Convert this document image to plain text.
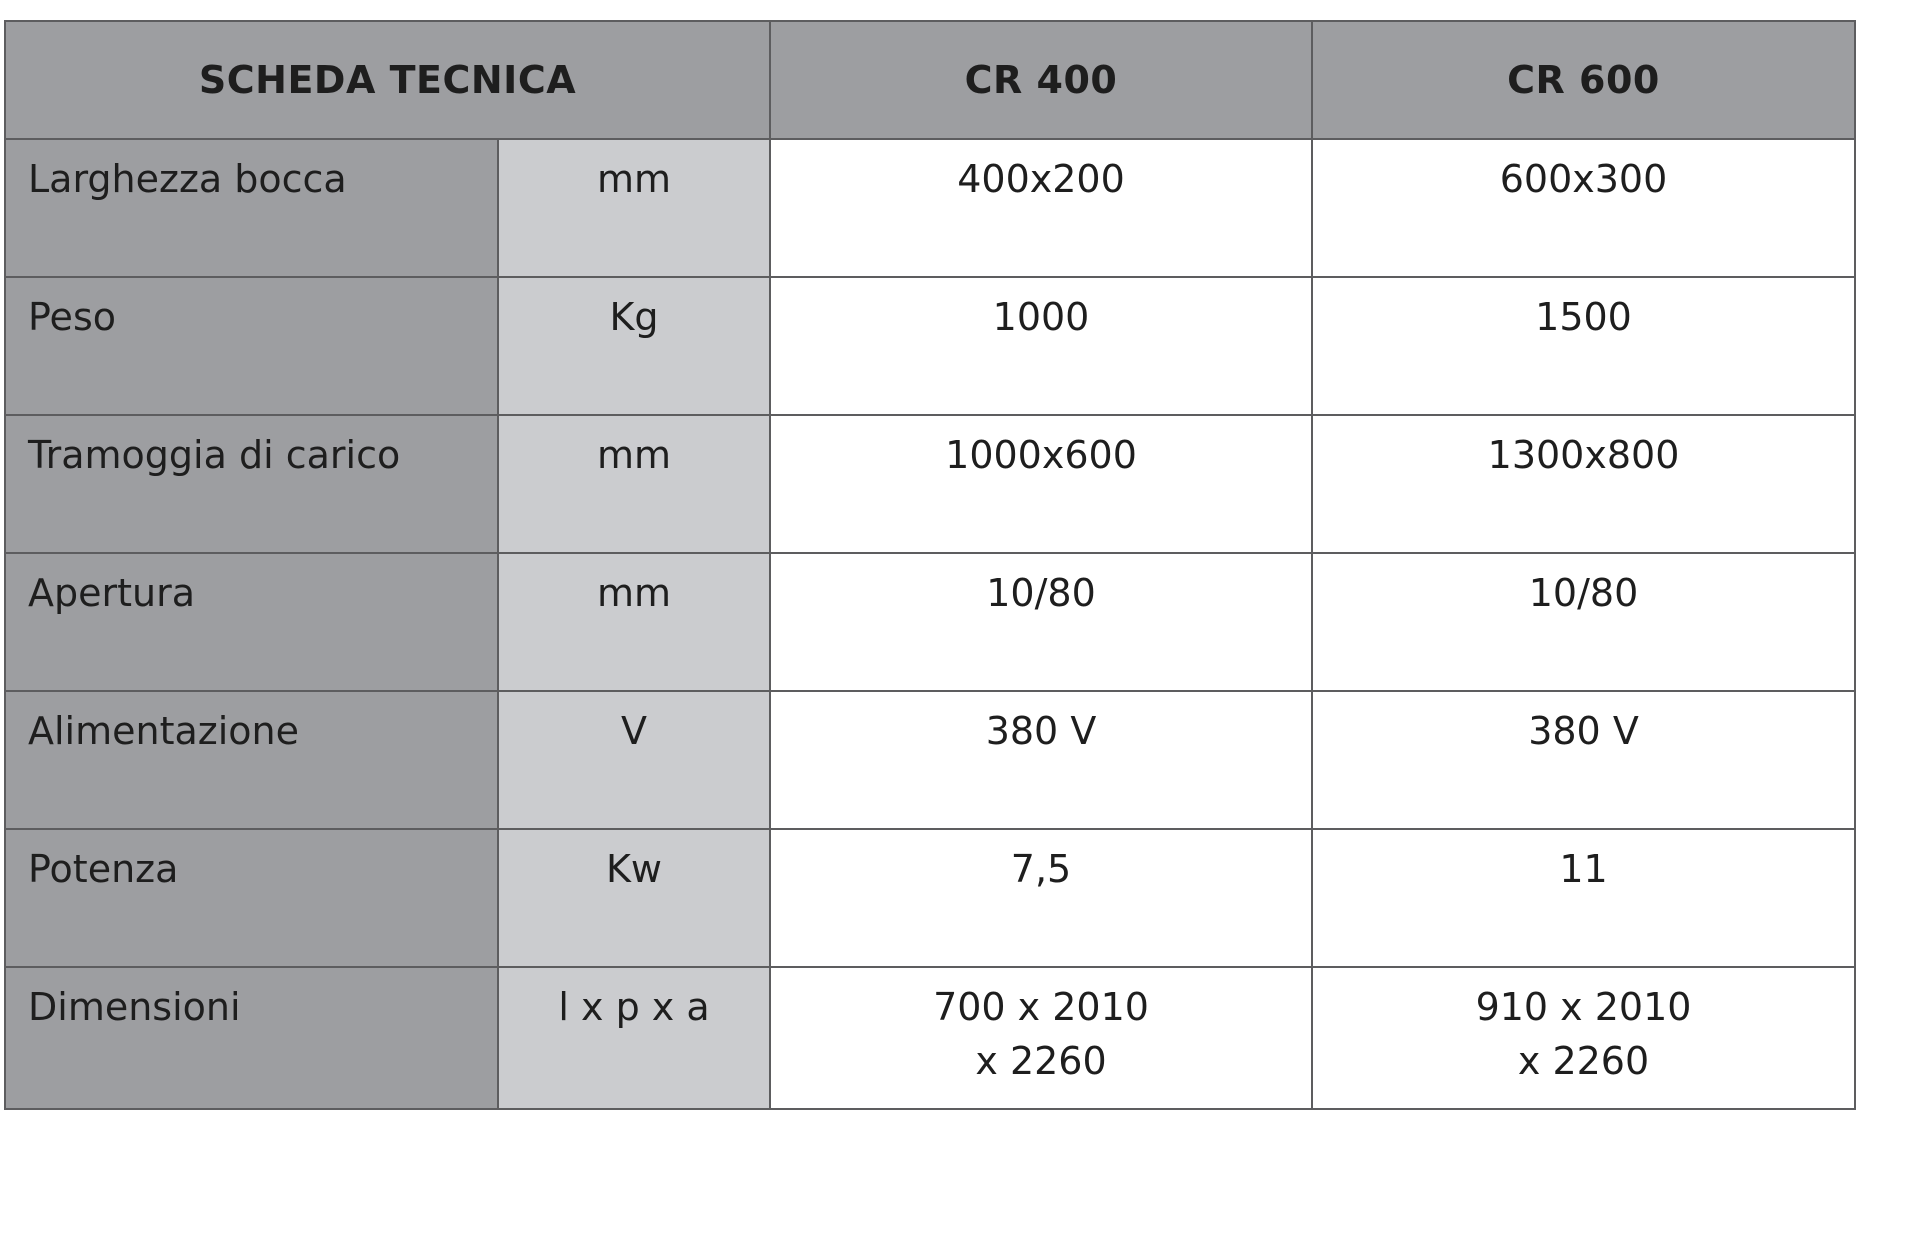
SCHEDA TECNICA		CR 400	CR 600
Larghezza bocca	mm	400x200	600x300
Peso	Kg	1000	1500
Tramoggia di carico	mm	1000x600	1300x800
Apertura	mm	10/80	10/80
Alimentazione	V	380 V	380 V
Potenza	Kw	7,5	11
Dimensioni	l x p x a	700 x 2010 x 2260	910 x 2010 x 2260
